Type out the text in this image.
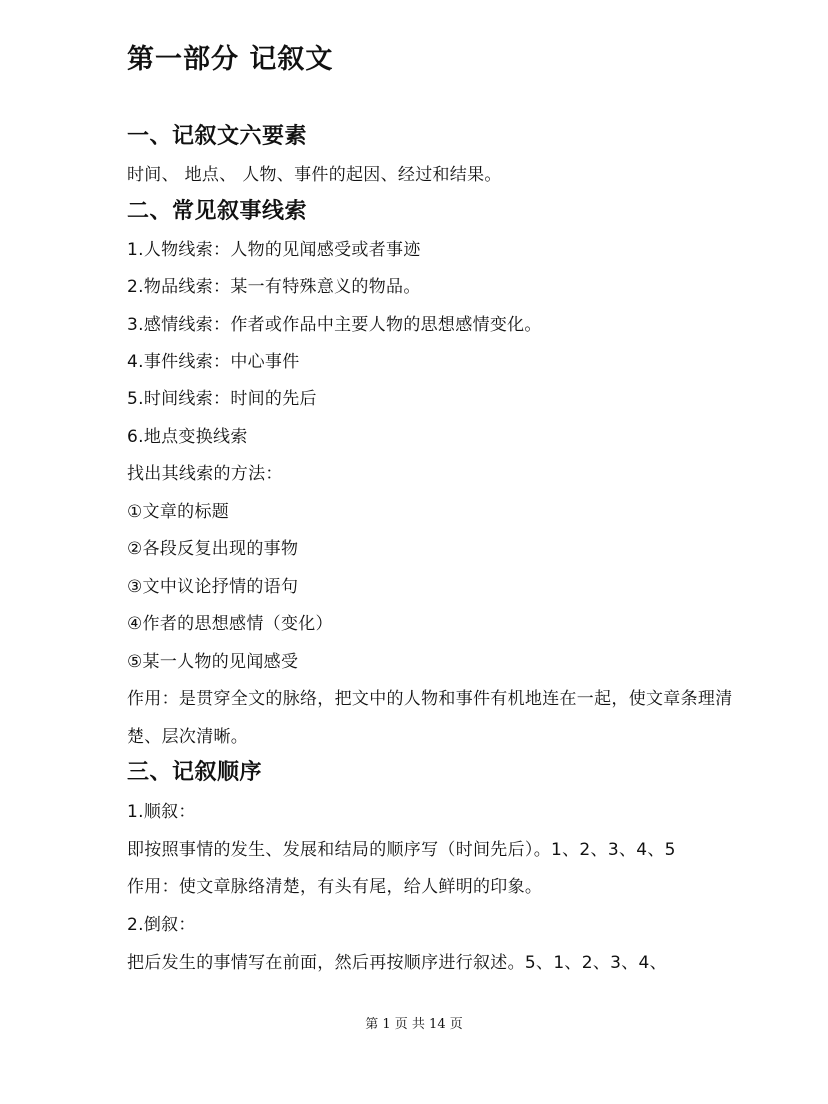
第一部分 记叙文
一、记叙文六要素
时间、 地点、 人物、事件的起因、经过和结果。
二、常见叙事线索
1.人物线索：人物的见闻感受或者事迹
2.物品线索：某一有特殊意义的物品。
3.感情线索：作者或作品中主要人物的思想感情变化。
4.事件线索：中心事件
5.时间线索：时间的先后
6.地点变换线索
找出其线索的方法：
①文章的标题
②各段反复出现的事物
③文中议论抒情的语句
④作者的思想感情（变化）
⑤某一人物的见闻感受
作用：是贯穿全文的脉络，把文中的人物和事件有机地连在一起，使文章条理清
楚、层次清晰。
三、记叙顺序
1.顺叙：
即按照事情的发生、发展和结局的顺序写（时间先后）。1、2、3、4、5
作用：使文章脉络清楚，有头有尾，给人鲜明的印象。
2.倒叙：
把后发生的事情写在前面，然后再按顺序进行叙述。5、1、2、3、4、
第 1 页 共 14 页
